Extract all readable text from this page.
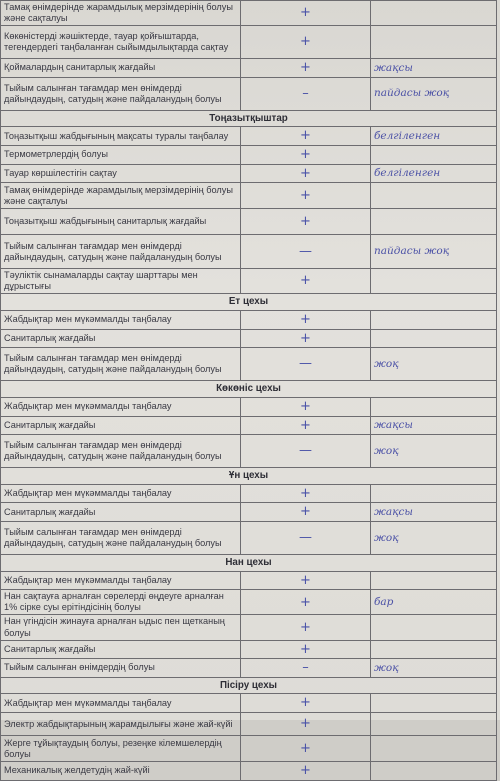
Тамақ өнімдерінде жарамдылық мерзімдерінің болуы және сақталуы	+	
Көкөністерді жәшіктерде, тауар қойғыштарда, тегендердегі таңбаланған сыйымдылықтарда сақтау	+	
Қоймалардың санитарлық жағдайы	+	жақсы
Тыйым салынған тағамдар мен өнімдерді дайындаудың, сатудың және пайдаланудың болуы	–	пайдасы жоқ
Тоңазытқыштар		
Тоңазытқыш жабдығының мақсаты туралы таңбалау	+	белгіленген
Термометрлердің болуы	+	
Тауар көршілестігін сақтау	+	белгіленген
Тамақ өнімдерінде жарамдылық мерзімдерінің болуы және сақталуы	+	
Тоңазытқыш жабдығының санитарлық жағдайы	+	
Тыйым салынған тағамдар мен өнімдерді дайындаудың, сатудың және пайдаланудың болуы	—	пайдасы жоқ
Тәуліктік сынамаларды сақтау шарттары мен дұрыстығы	+	
Ет цехы		
Жабдықтар мен мүкәммалды таңбалау	+	
Санитарлық жағдайы	+	
Тыйым салынған тағамдар мен өнімдерді дайындаудың, сатудың және пайдаланудың болуы	—	жоқ
Көкөніс цехы		
Жабдықтар мен мүкәммалды таңбалау	+	
Санитарлық жағдайы	+	жақсы
Тыйым салынған тағамдар мен өнімдерді дайындаудың, сатудың және пайдаланудың болуы	—	жоқ
Ұн цехы		
Жабдықтар мен мүкәммалды таңбалау	+	
Санитарлық жағдайы	+	жақсы
Тыйым салынған тағамдар мен өнімдерді дайындаудың, сатудың және пайдаланудың болуы	—	жоқ
Нан цехы		
Жабдықтар мен мүкәммалды таңбалау	+	
Нан сақтауға арналған сөрелерді өңдеуге арналған 1% сірке суы ерітіндісінің болуы	+	бар
Нан үгіндісін жинауға арналған ыдыс пен щетканың болуы	+	
Санитарлық жағдайы	+	
Тыйым салынған өнімдердің болуы	–	жоқ
Пісіру цехы		
Жабдықтар мен мүкәммалды таңбалау	+	
Электр жабдықтарының жарамдылығы және жай-күйі	+	
Жерге тұйықтаудың болуы, резеңке кілемшелердің болуы	+	
Механикалық желдетудің жай-күйі	+	
